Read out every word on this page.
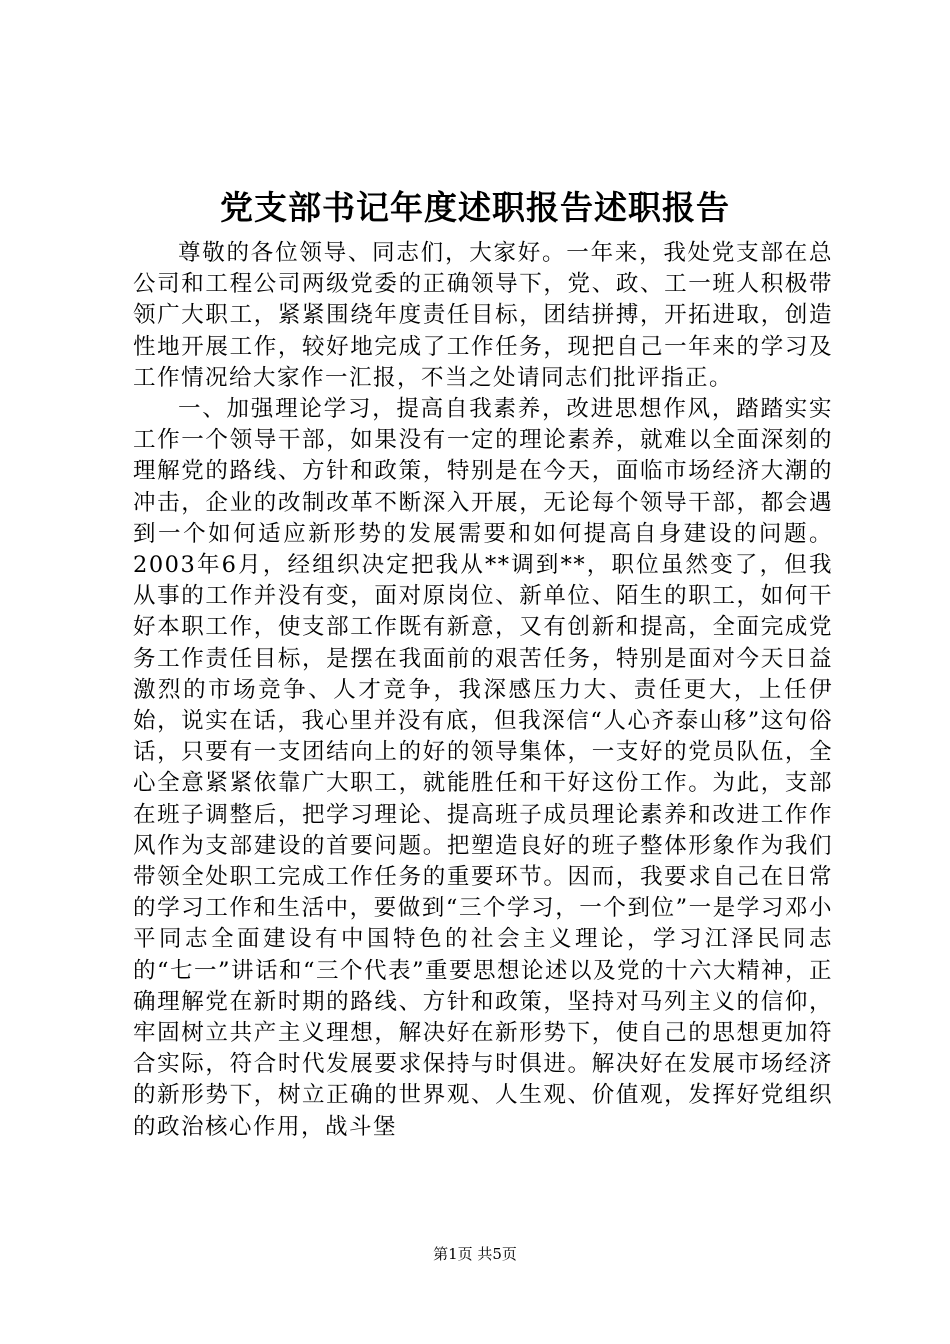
党支部书记年度述职报告述职报告

尊敬的各位领导、同志们，大家好。一年来，我处党支部在总公司和工程公司两级党委的正确领导下，党、政、工一班人积极带领广大职工，紧紧围绕年度责任目标，团结拼搏，开拓进取，创造性地开展工作，较好地完成了工作任务，现把自己一年来的学习及工作情况给大家作一汇报，不当之处请同志们批评指正。

一、加强理论学习，提高自我素养，改进思想作风，踏踏实实工作一个领导干部，如果没有一定的理论素养，就难以全面深刻的理解党的路线、方针和政策，特别是在今天，面临市场经济大潮的冲击，企业的改制改革不断深入开展，无论每个领导干部，都会遇到一个如何适应新形势的发展需要和如何提高自身建设的问题。2003年6月，经组织决定把我从**调到**，职位虽然变了，但我从事的工作并没有变，面对原岗位、新单位、陌生的职工，如何干好本职工作，使支部工作既有新意，又有创新和提高，全面完成党务工作责任目标，是摆在我面前的艰苦任务，特别是面对今天日益激烈的市场竞争、人才竞争，我深感压力大、责任更大，上任伊始，说实在话，我心里并没有底，但我深信“人心齐泰山移”这句俗话，只要有一支团结向上的好的领导集体，一支好的党员队伍，全心全意紧紧依靠广大职工，就能胜任和干好这份工作。为此，支部在班子调整后，把学习理论、提高班子成员理论素养和改进工作作风作为支部建设的首要问题。把塑造良好的班子整体形象作为我们带领全处职工完成工作任务的重要环节。因而，我要求自己在日常的学习工作和生活中，要做到“三个学习，一个到位”一是学习邓小平同志全面建设有中国特色的社会主义理论，学习江泽民同志的“七一”讲话和“三个代表”重要思想论述以及党的十六大精神，正确理解党在新时期的路线、方针和政策，坚持对马列主义的信仰，牢固树立共产主义理想，解决好在新形势下，使自己的思想更加符合实际，符合时代发展要求保持与时俱进。解决好在发展市场经济的新形势下，树立正确的世界观、人生观、价值观，发挥好党组织的政治核心作用，战斗堡

第1页 共5页
